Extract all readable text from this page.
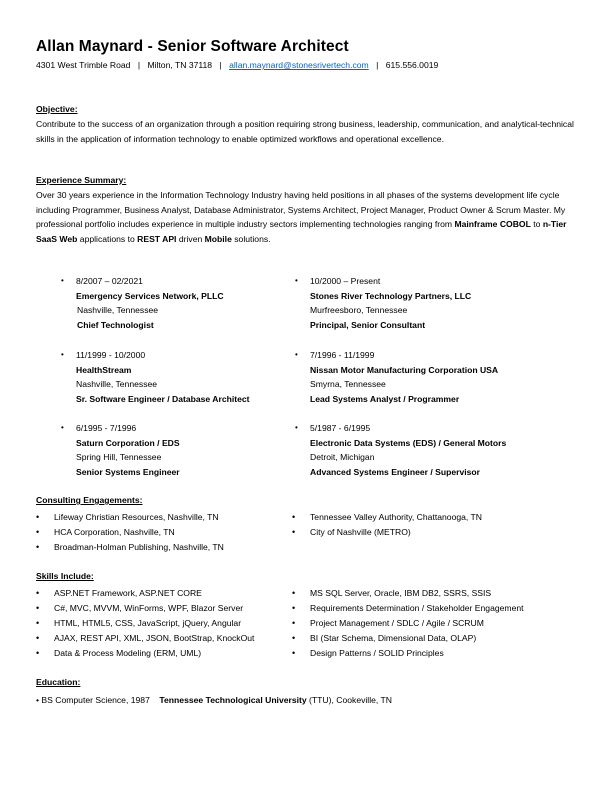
Allan Maynard - Senior Software Architect
4301 West Trimble Road | Milton, TN 37118 | allan.maynard@stonesrivertech.com | 615.556.0019
Objective:
Contribute to the success of an organization through a position requiring strong business, leadership, communication, and analytical-technical skills in the application of information technology to enable optimized workflows and operational excellence.
Experience Summary:
Over 30 years experience in the Information Technology Industry having held positions in all phases of the systems development life cycle including Programmer, Business Analyst, Database Administrator, Systems Architect, Project Manager, Product Owner & Scrum Master. My professional portfolio includes experience in multiple industry sectors implementing technologies ranging from Mainframe COBOL to n-Tier SaaS Web applications to REST API driven Mobile solutions.
• 8/2007 – 02/2021
Emergency Services Network, PLLC
Nashville, Tennessee
Chief Technologist
• 10/2000 – Present
Stones River Technology Partners, LLC
Murfreesboro, Tennessee
Principal, Senior Consultant
• 11/1999 - 10/2000
HealthStream
Nashville, Tennessee
Sr. Software Engineer / Database Architect
• 7/1996 - 11/1999
Nissan Motor Manufacturing Corporation USA
Smyrna, Tennessee
Lead Systems Analyst / Programmer
• 6/1995 - 7/1996
Saturn Corporation / EDS
Spring Hill, Tennessee
Senior Systems Engineer
• 5/1987 - 6/1995
Electronic Data Systems (EDS) / General Motors
Detroit, Michigan
Advanced Systems Engineer / Supervisor
Consulting Engagements:
• Lifeway Christian Resources, Nashville, TN
• HCA Corporation, Nashville, TN
• Broadman-Holman Publishing, Nashville, TN
• Tennessee Valley Authority, Chattanooga, TN
• City of Nashville (METRO)
Skills Include:
• ASP.NET Framework, ASP.NET CORE
• C#, MVC, MVVM, WinForms, WPF, Blazor Server
• HTML, HTML5, CSS, JavaScript, jQuery, Angular
• AJAX, REST API, XML, JSON, BootStrap, KnockOut
• Data & Process Modeling (ERM, UML)
• MS SQL Server, Oracle, IBM DB2, SSRS, SSIS
• Requirements Determination / Stakeholder Engagement
• Project Management / SDLC / Agile / SCRUM
• BI (Star Schema, Dimensional Data, OLAP)
• Design Patterns / SOLID Principles
Education:
• BS Computer Science, 1987 Tennessee Technological University (TTU), Cookeville, TN
